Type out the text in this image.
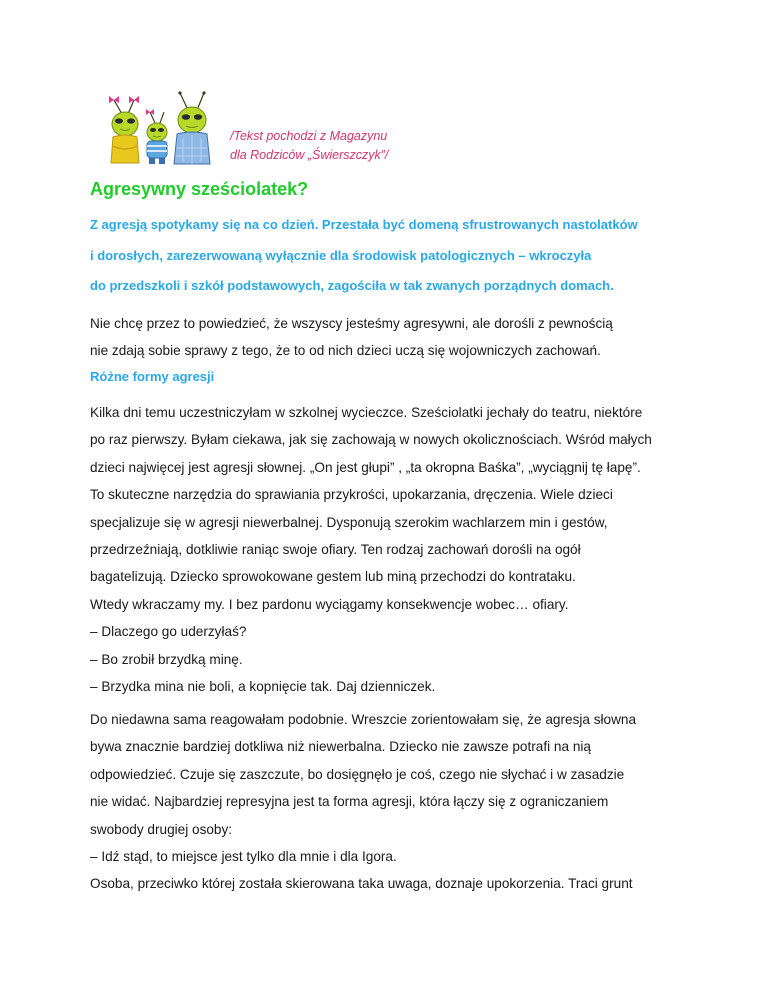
/Tekst pochodzi z Magazynu
dla Rodziców „Świerszczyk”/
Agresywny sześciolatek?
Z agresją spotykamy się na co dzień. Przestała być domeną sfrustrowanych nastolatków
i dorosłych, zarezerwowaną wyłącznie dla środowisk patologicznych – wkroczyła
do przedszkoli i szkół podstawowych, zagościła w tak zwanych porządnych domach.
Nie chcę przez to powiedzieć, że wszyscy jesteśmy agresywni, ale dorośli z pewnością
nie zdają sobie sprawy z tego, że to od nich dzieci uczą się wojowniczych zachowań.
Różne formy agresji
Kilka dni temu uczestniczyłam w szkolnej wycieczce. Sześciolatki jechały do teatru, niektóre
po raz pierwszy. Byłam ciekawa, jak się zachowają w nowych okolicznościach. Wśród małych
dzieci najwięcej jest agresji słownej. „On jest głupi” , „ta okropna Baśka”, „wyciągnij tę łapę”.
To skuteczne narzędzia do sprawiania przykrości, upokarzania, dręczenia. Wiele dzieci
specjalizuje się w agresji niewerbalnej. Dysponują szerokim wachlarzem min i gestów,
przedrzeźniają, dotkliwie raniąc swoje ofiary. Ten rodzaj zachowań dorośli na ogół
bagatelizują. Dziecko sprowokowane gestem lub miną przechodzi do kontrataku.
Wtedy wkraczamy my. I bez pardonu wyciągamy konsekwencje wobec… ofiary.
– Dlaczego go uderzyłaś?
– Bo zrobił brzydką minę.
– Brzydka mina nie boli, a kopnięcie tak. Daj dzienniczek.
Do niedawna sama reagowałam podobnie. Wreszcie zorientowałam się, że agresja słowna
bywa znacznie bardziej dotkliwa niż niewerbalna. Dziecko nie zawsze potrafi na nią
odpowiedzieć. Czuje się zaszczute, bo dosięgnęło je coś, czego nie słychać i w zasadzie
nie widać. Najbardziej represyjna jest ta forma agresji, która łączy się z ograniczaniem
swobody drugiej osoby:
– Idź stąd, to miejsce jest tylko dla mnie i dla Igora.
Osoba, przeciwko której została skierowana taka uwaga, doznaje upokorzenia. Traci grunt
